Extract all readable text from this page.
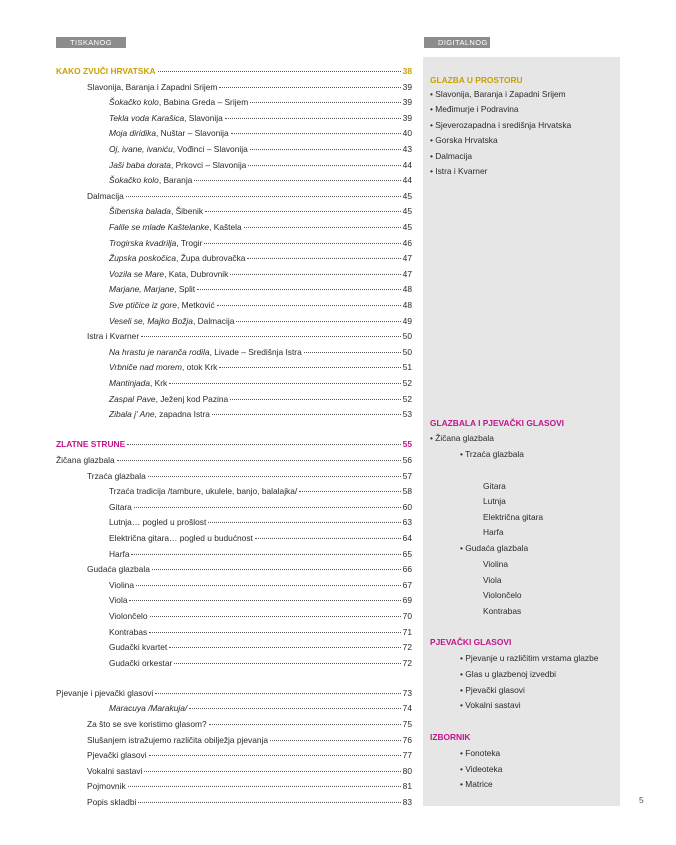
TISKANOG	DIGITALNOG
KAKO ZVUČI HRVATSKA	38
Slavonija, Baranja i Zapadni Srijem	39
Šokačko kolo, Babina Greda – Srijem	39
Tekla voda Karašica, Slavonija	39
Moja diridika, Nuštar – Slavonija	40
Oj, ivane, ivaniću, Vođinci – Slavonija	43
Jaši baba dorata, Prkovci – Slavonija	44
Šokačko kolo, Baranja	44
Dalmacija	45
Šibenska balada, Šibenik	45
Falile se mlade Kaštelanke, Kaštela	45
Trogirska kvadrilja, Trogir	46
Župska poskočica, Župa dubrovačka	47
Vozila se Mare, Kata, Dubrovnik	47
Marjane, Marjane, Split	48
Sve ptičice iz gore, Metković	48
Veseli se, Majko Božja, Dalmacija	49
Istra i Kvarner	50
Na hrastu je naranča rodila, Livade – Središnja Istra	50
Vrbniče nad morem, otok Krk	51
Mantinjada, Krk	52
Zaspal Pave, Ježenj kod Pazina	52
Zibala j' Ane, zapadna Istra	53
ZLATNE STRUNE	55
Žičana glazbala	56
Trzaća glazbala	57
Trzaća tradicija /tambure, ukulele, banjo, balalajka/	58
Gitara	60
Lutnja… pogled u prošlost	63
Električna gitara… pogled u budućnost	64
Harfa	65
Gudaća glazbala	66
Violina	67
Viola	69
Violončelo	70
Kontrabas	71
Gudački kvartet	72
Gudački orkestar	72
Pjevanje i pjevački glasovi	73
Maracuya /Marakuja/	74
Za što se sve koristimo glasom?	75
Slušanjem istražujemo različita obilježja pjevanja	76
Pjevački glasovi	77
Vokalni sastavi	80
Pojmovnik	81
Popis skladbi	83
GLAZBA U PROSTORU
• Slavonija, Baranja i Zapadni Srijem
• Međimurje i Podravina
• Sjeverozapadna i središnja Hrvatska
• Gorska Hrvatska
• Dalmacija
• Istra i Kvarner
GLAZBALA I PJEVAČKI GLASOVI
• Žičana glazbala
• Trzaća glazbala
Gitara
Lutnja
Električna gitara
Harfa
• Gudaća glazbala
Violina
Viola
Violončelo
Kontrabas
PJEVAČKI GLASOVI
• Pjevanje u različitim vrstama glazbe
• Glas u glazbenoj izvedbi
• Pjevački glasovi
• Vokalni sastavi
IZBORNIK
• Fonoteka
• Videoteka
• Matrice
5
